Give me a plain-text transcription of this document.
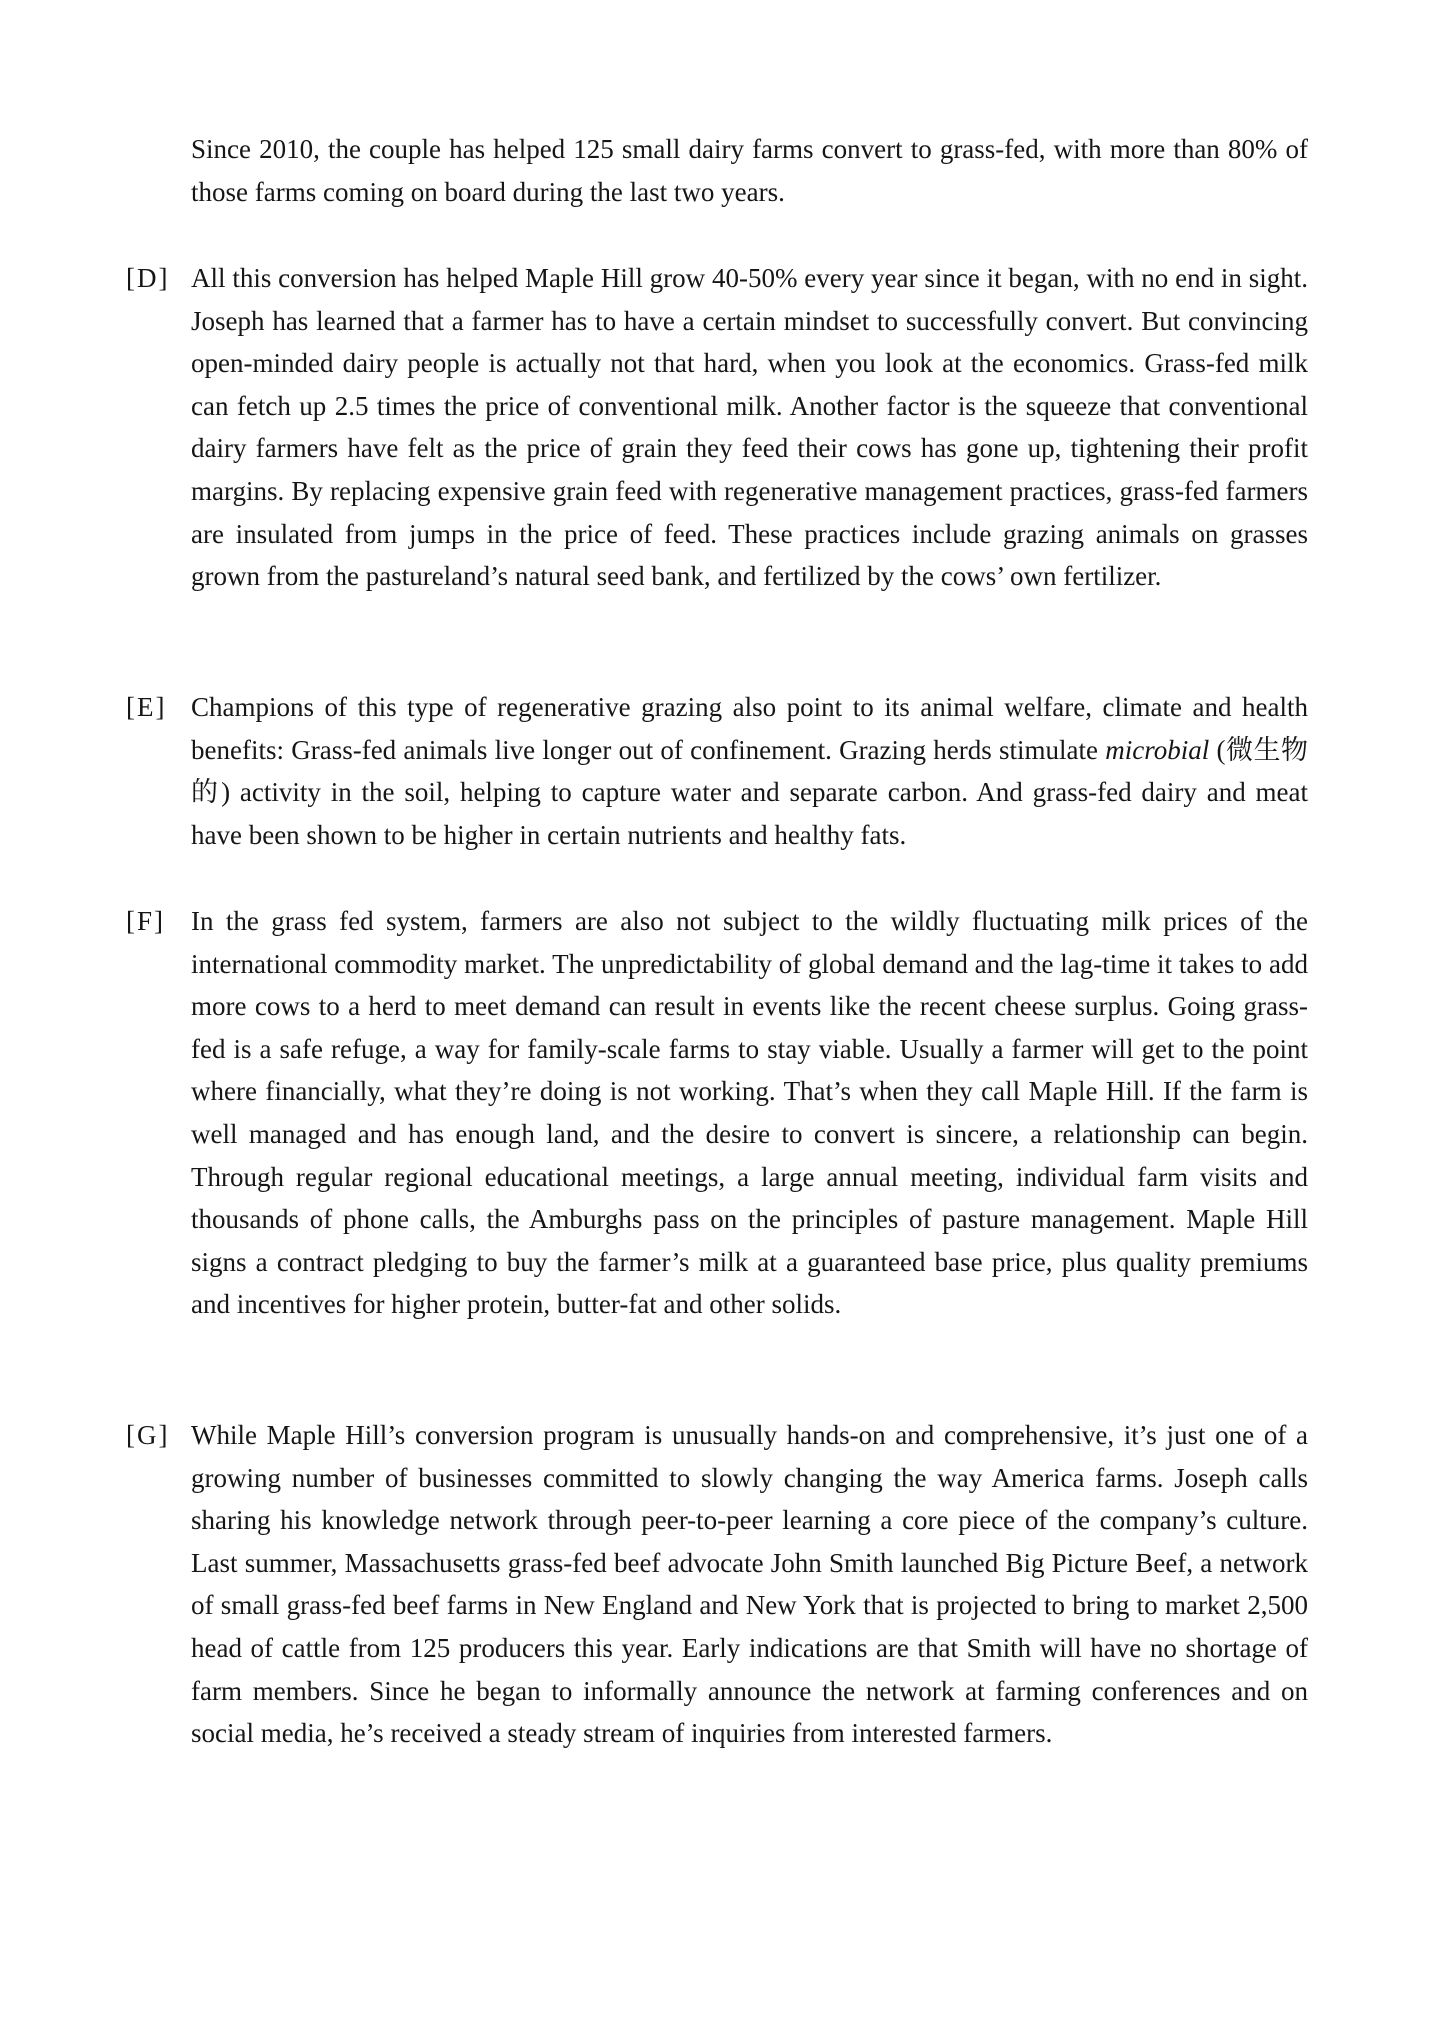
Since 2010, the couple has helped 125 small dairy farms convert to grass-fed, with more than 80% of those farms coming on board during the last two years.

[D] All this conversion has helped Maple Hill grow 40-50% every year since it began, with no end in sight. Joseph has learned that a farmer has to have a certain mindset to successfully convert. But convincing open-minded dairy people is actually not that hard, when you look at the economics. Grass-fed milk can fetch up 2.5 times the price of conventional milk. Another factor is the squeeze that conventional dairy farmers have felt as the price of grain they feed their cows has gone up, tightening their profit margins. By replacing expensive grain feed with regenerative management practices, grass-fed farmers are insulated from jumps in the price of feed. These practices include grazing animals on grasses grown from the pastureland’s natural seed bank, and fertilized by the cows’ own fertilizer.

[E] Champions of this type of regenerative grazing also point to its animal welfare, climate and health benefits: Grass-fed animals live longer out of confinement. Grazing herds stimulate microbial (微生物的) activity in the soil, helping to capture water and separate carbon. And grass-fed dairy and meat have been shown to be higher in certain nutrients and healthy fats.

[F] In the grass fed system, farmers are also not subject to the wildly fluctuating milk prices of the international commodity market. The unpredictability of global demand and the lag-time it takes to add more cows to a herd to meet demand can result in events like the recent cheese surplus. Going grass-fed is a safe refuge, a way for family-scale farms to stay viable. Usually a farmer will get to the point where financially, what they’re doing is not working. That’s when they call Maple Hill. If the farm is well managed and has enough land, and the desire to convert is sincere, a relationship can begin. Through regular regional educational meetings, a large annual meeting, individual farm visits and thousands of phone calls, the Amburghs pass on the principles of pasture management. Maple Hill signs a contract pledging to buy the farmer’s milk at a guaranteed base price, plus quality premiums and incentives for higher protein, butter-fat and other solids.

[G] While Maple Hill’s conversion program is unusually hands-on and comprehensive, it’s just one of a growing number of businesses committed to slowly changing the way America farms. Joseph calls sharing his knowledge network through peer-to-peer learning a core piece of the company’s culture. Last summer, Massachusetts grass-fed beef advocate John Smith launched Big Picture Beef, a network of small grass-fed beef farms in New England and New York that is projected to bring to market 2,500 head of cattle from 125 producers this year. Early indications are that Smith will have no shortage of farm members. Since he began to informally announce the network at farming conferences and on social media, he’s received a steady stream of inquiries from interested farmers.
